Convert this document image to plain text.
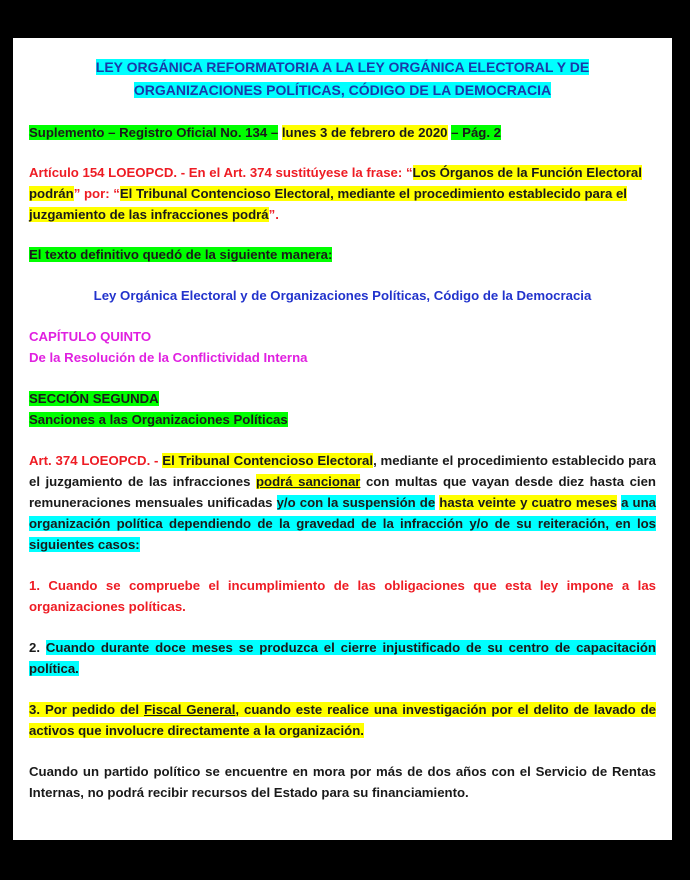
LEY ORGÁNICA REFORMATORIA A LA LEY ORGÁNICA ELECTORAL Y DE
ORGANIZACIONES POLÍTICAS, CÓDIGO DE LA DEMOCRACIA

Suplemento – Registro Oficial No. 134 – lunes 3 de febrero de 2020 – Pág. 2

Artículo 154 LOEOPCD. - En el Art. 374 sustitúyese la frase: “Los Órganos de la Función Electoral podrán” por: “El Tribunal Contencioso Electoral, mediante el procedimiento establecido para el juzgamiento de las infracciones podrá”.

El texto definitivo quedó de la siguiente manera:

Ley Orgánica Electoral y de Organizaciones Políticas, Código de la Democracia

CAPÍTULO QUINTO

De la Resolución de la Conflictividad Interna

SECCIÓN SEGUNDA

Sanciones a las Organizaciones Políticas

Art. 374 LOEOPCD. - El Tribunal Contencioso Electoral, mediante el procedimiento establecido para el juzgamiento de las infracciones podrá sancionar con multas que vayan desde diez hasta cien remuneraciones mensuales unificadas y/o con la suspensión de hasta veinte y cuatro meses a una organización política dependiendo de la gravedad de la infracción y/o de su reiteración, en los siguientes casos:

1. Cuando se compruebe el incumplimiento de las obligaciones que esta ley impone a las organizaciones políticas.

2. Cuando durante doce meses se produzca el cierre injustificado de su centro de capacitación política.

3. Por pedido del Fiscal General, cuando este realice una investigación por el delito de lavado de activos que involucre directamente a la organización.

Cuando un partido político se encuentre en mora por más de dos años con el Servicio de Rentas Internas, no podrá recibir recursos del Estado para su financiamiento.
